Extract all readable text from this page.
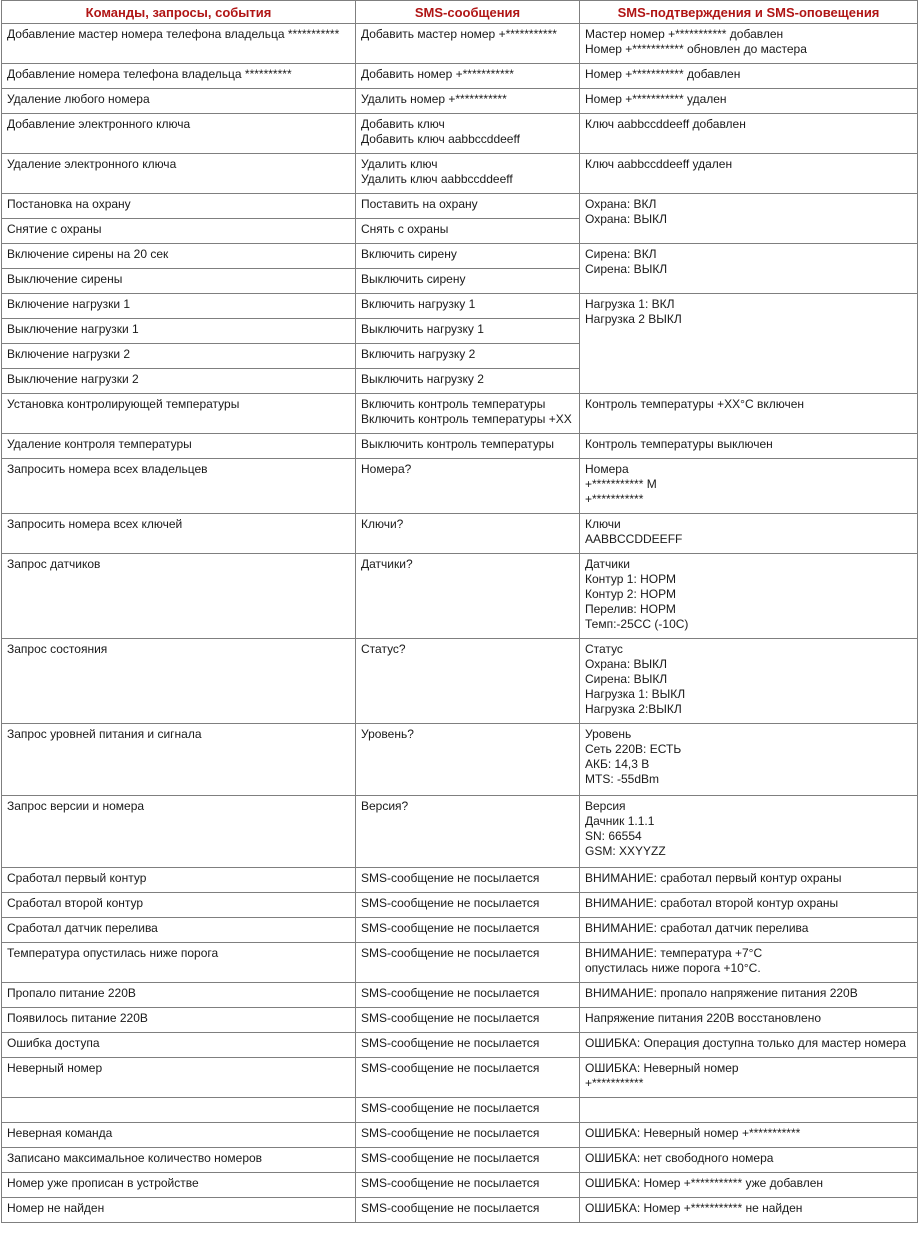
Команды, запросы, события	SMS-сообщения	SMS-подтверждения и SMS-оповещения

Добавление мастер номера телефона владельца ***********	Добавить мастер номер +***********	Мастер номер +*********** добавлен
Номер +*********** обновлен до мастера

Добавление номера телефона владельца **********	Добавить номер +***********	Номер +*********** добавлен

Удаление любого номера	Удалить номер +***********	Номер +*********** удален

Добавление электронного ключа	Добавить ключ
Добавить ключ aabbccddeeff	Ключ aabbccddeeff добавлен

Удаление электронного ключа	Удалить ключ
Удалить ключ aabbccddeeff	Ключ aabbccddeeff удален

Постановка на охрану	Поставить на охрану	Охрана: ВКЛ
Охрана: ВЫКЛ

Снятие с охраны	Снять с охраны	

Включение сирены на 20 сек	Включить сирену	Сирена: ВКЛ
Сирена: ВЫКЛ

Выключение сирены	Выключить сирену	

Включение нагрузки 1	Включить нагрузку 1	Нагрузка 1: ВКЛ
Нагрузка 2 ВЫКЛ

Выключение нагрузки 1	Выключить нагрузку 1	

Включение нагрузки 2	Включить нагрузку 2	

Выключение нагрузки 2	Выключить нагрузку 2	

Установка контролирующей температуры	Включить контроль температуры
Включить контроль температуры +XX	Контроль температуры +XX°C включен

Удаление контроля температуры	Выключить контроль температуры	Контроль температуры выключен

Запросить номера всех владельцев	Номера?	Номера
+*********** M
+***********

Запросить номера всех ключей	Ключи?	Ключи
AABBCCDDEEFF

Запрос датчиков	Датчики?	Датчики
Контур 1: НОРМ
Контур 2: НОРМ
Перелив: НОРМ
Темп:-25CC (-10C)

Запрос состояния	Статус?	Статус
Охрана: ВЫКЛ
Сирена: ВЫКЛ
Нагрузка 1: ВЫКЛ
Нагрузка 2:ВЫКЛ

Запрос уровней питания и сигнала	Уровень?	Уровень
Сеть 220В: ЕСТЬ
АКБ: 14,3 В
MTS: -55dBm

Запрос версии и номера	Версия?	Версия
Дачник 1.1.1
SN: 66554
GSM: XXYYZZ

Сработал первый контур	SMS-сообщение не посылается	ВНИМАНИЕ: сработал первый контур охраны

Сработал второй контур	SMS-сообщение не посылается	ВНИМАНИЕ: сработал второй контур охраны

Сработал датчик перелива	SMS-сообщение не посылается	ВНИМАНИЕ: сработал датчик перелива

Температура опустилась ниже порога	SMS-сообщение не посылается	ВНИМАНИЕ: температура +7°C
опустилась ниже порога +10°C.

Пропало питание 220В	SMS-сообщение не посылается	ВНИМАНИЕ: пропало напряжение питания 220В

Появилось питание 220В	SMS-сообщение не посылается	Напряжение питания 220В восстановлено

Ошибка доступа	SMS-сообщение не посылается	ОШИБКА: Операция доступна только для мастер номера

Неверный номер	SMS-сообщение не посылается	ОШИБКА: Неверный номер
+***********

	SMS-сообщение не посылается	

Неверная команда	SMS-сообщение не посылается	ОШИБКА: Неверный номер +***********

Записано максимальное количество номеров	SMS-сообщение не посылается	ОШИБКА: нет свободного номера

Номер уже прописан в устройстве	SMS-сообщение не посылается	ОШИБКА: Номер +*********** уже добавлен

Номер не найден	SMS-сообщение не посылается	ОШИБКА: Номер +*********** не найден
